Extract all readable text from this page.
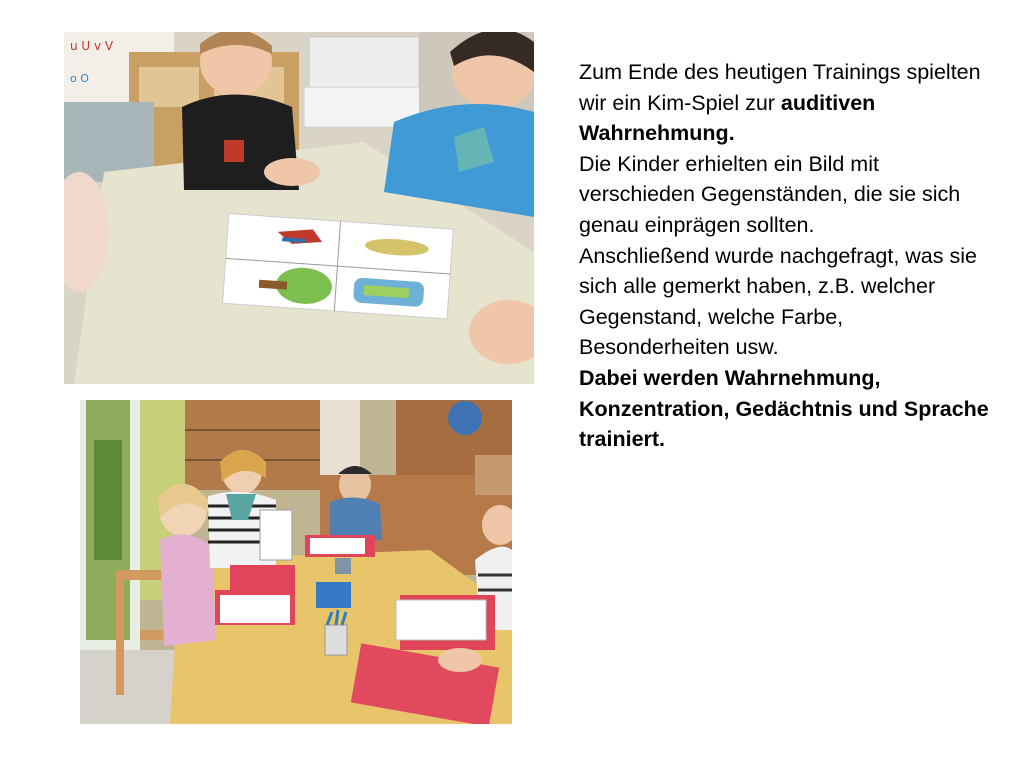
u U v V
o O	Zum Ende des heutigen Trainings spielten wir ein Kim-Spiel zur auditiven Wahrnehmung.

Die Kinder erhielten ein Bild mit verschieden Gegenständen, die sie sich genau einprägen sollten.

Anschließend wurde nachgefragt, was sie sich alle gemerkt haben, z.B. welcher Gegenstand, welche Farbe, Besonderheiten usw.

Dabei werden Wahrnehmung, Konzentration, Gedächtnis und Sprache trainiert.
